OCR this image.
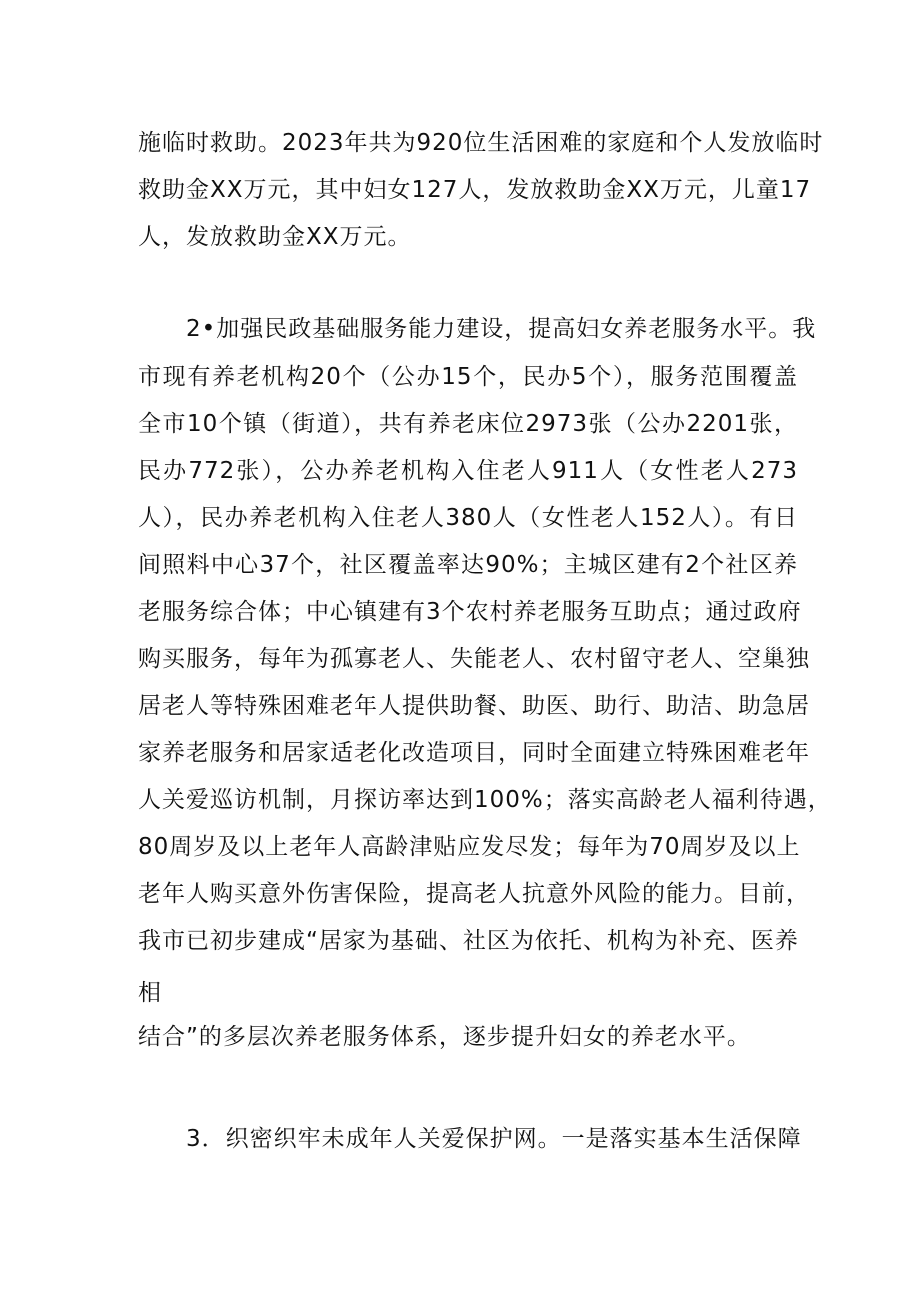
施临时救助。2023年共为920位生活困难的家庭和个人发放临时
救助金XX万元，其中妇女127人，发放救助金XX万元，儿童17
人，发放救助金XX万元。
2•加强民政基础服务能力建设，提高妇女养老服务水平。我
市现有养老机构20个（公办15个，民办5个），服务范围覆盖
全市10个镇（街道），共有养老床位2973张（公办2201张，
民办772张），公办养老机构入住老人911人（女性老人273
人），民办养老机构入住老人380人（女性老人152人）。有日
间照料中心37个，社区覆盖率达90%；主城区建有2个社区养
老服务综合体；中心镇建有3个农村养老服务互助点；通过政府
购买服务，每年为孤寡老人、失能老人、农村留守老人、空巢独
居老人等特殊困难老年人提供助餐、助医、助行、助洁、助急居
家养老服务和居家适老化改造项目，同时全面建立特殊困难老年
人关爱巡访机制，月探访率达到100%；落实高龄老人福利待遇，
80周岁及以上老年人高龄津贴应发尽发；每年为70周岁及以上
老年人购买意外伤害保险，提高老人抗意外风险的能力。目前，
我市已初步建成“居家为基础、社区为依托、机构为补充、医养
相
结合”的多层次养老服务体系，逐步提升妇女的养老水平。
3．织密织牢未成年人关爱保护网。一是落实基本生活保障
